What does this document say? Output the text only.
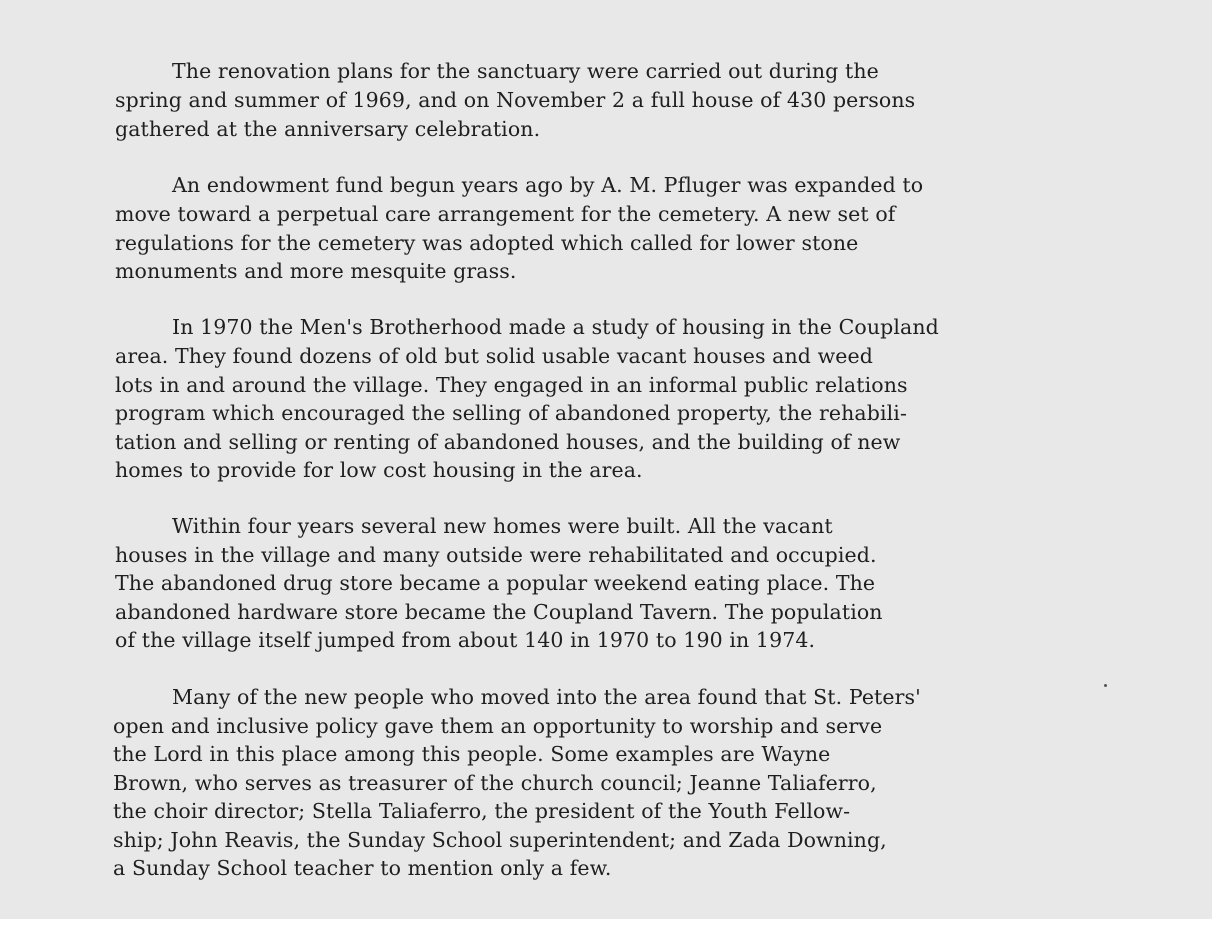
The renovation plans for the sanctuary were carried out during the
spring and summer of 1969, and on November 2 a full house of 430 persons
gathered at the anniversary celebration.
An endowment fund begun years ago by A. M. Pfluger was expanded to
move toward a perpetual care arrangement for the cemetery. A new set of
regulations for the cemetery was adopted which called for lower stone
monuments and more mesquite grass.
In 1970 the Men's Brotherhood made a study of housing in the Coupland
area. They found dozens of old but solid usable vacant houses and weed
lots in and around the village. They engaged in an informal public relations
program which encouraged the selling of abandoned property, the rehabili-
tation and selling or renting of abandoned houses, and the building of new
homes to provide for low cost housing in the area.
Within four years several new homes were built. All the vacant
houses in the village and many outside were rehabilitated and occupied.
The abandoned drug store became a popular weekend eating place. The
abandoned hardware store became the Coupland Tavern. The population
of the village itself jumped from about 140 in 1970 to 190 in 1974.
Many of the new people who moved into the area found that St. Peters'
open and inclusive policy gave them an opportunity to worship and serve
the Lord in this place among this people. Some examples are Wayne
Brown, who serves as treasurer of the church council; Jeanne Taliaferro,
the choir director; Stella Taliaferro, the president of the Youth Fellow-
ship; John Reavis, the Sunday School superintendent; and Zada Downing,
a Sunday School teacher to mention only a few.
